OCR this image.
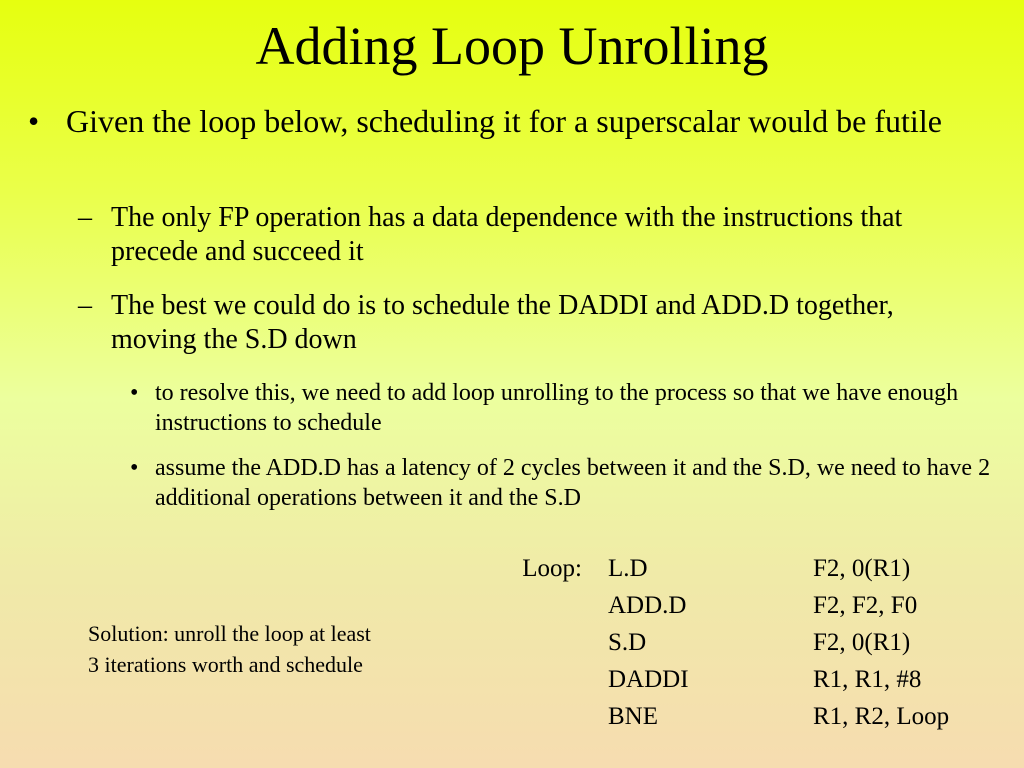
Adding Loop Unrolling
• Given the loop below, scheduling it for a superscalar would be futile
– The only FP operation has a data dependence with the instructions that precede and succeed it
– The best we could do is to schedule the DADDI and ADD.D together, moving the S.D down
• to resolve this, we need to add loop unrolling to the process so that we have enough instructions to schedule
• assume the ADD.D has a latency of 2 cycles between it and the S.D, we need to have 2 additional operations between it and the S.D
Solution: unroll the loop at least
3 iterations worth and schedule
Loop: L.D	F2, 0(R1)
ADD.D	F2, F2, F0
S.D	F2, 0(R1)
DADDI	R1, R1, #8
BNE	R1, R2, Loop
